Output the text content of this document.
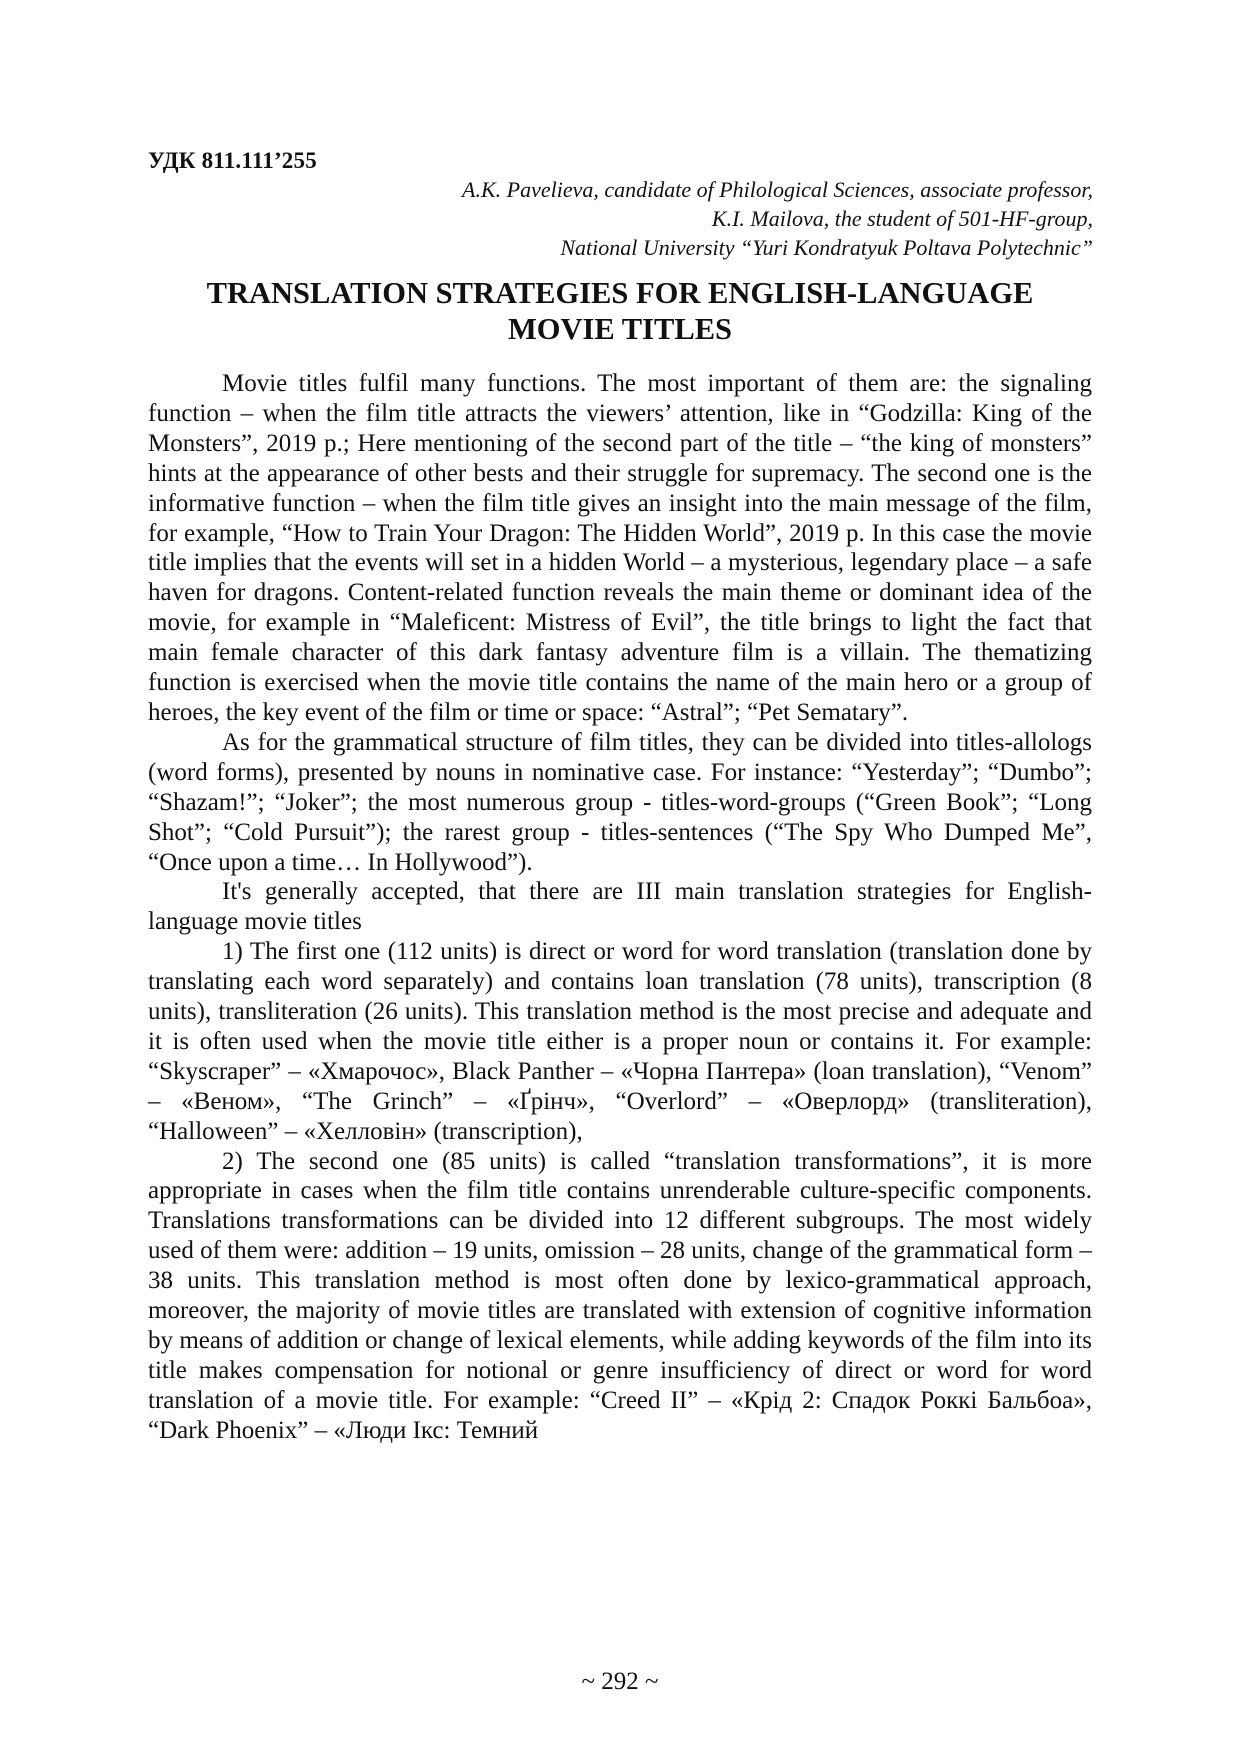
УДК 811.111’255
A.K. Pavelieva, candidate of Philological Sciences, associate professor,
K.I. Mailova, the student of 501-HF-group,
National University “Yuri Kondratyuk Poltava Polytechnic”
TRANSLATION STRATEGIES FOR ENGLISH-LANGUAGE
MOVIE TITLES

Movie titles fulfil many functions. The most important of them are: the signaling function – when the film title attracts the viewers’ attention, like in “Godzilla: King of the Monsters”, 2019 р.; Here mentioning of the second part of the title – “the king of monsters” hints at the appearance of other bests and their struggle for supremacy. The second one is the informative function – when the film title gives an insight into the main message of the film, for example, “How to Train Your Dragon: The Hidden World”, 2019 р. In this case the movie title implies that the events will set in a hidden World – a mysterious, legendary place – a safe haven for dragons. Content-related function reveals the main theme or dominant idea of the movie, for example in “Maleficent: Mistress of Evil”, the title brings to light the fact that main female character of this dark fantasy adventure film is a villain. The thematizing function is exercised when the movie title contains the name of the main hero or a group of heroes, the key event of the film or time or space: “Astral”; “Pet Sematary”.

As for the grammatical structure of film titles, they can be divided into titles-allologs (word forms), presented by nouns in nominative case. For instance: “Yesterday”; “Dumbo”; “Shazam!”; “Joker”; the most numerous group - titles-word-groups (“Green Book”; “Long Shot”; “Cold Pursuit”); the rarest group - titles-sentences (“The Spy Who Dumped Me”, “Once upon a time… In Hollywood”).

It's generally accepted, that there are III main translation strategies for English-language movie titles

1) The first one (112 units) is direct or word for word translation (translation done by translating each word separately) and contains loan translation (78 units), transcription (8 units), transliteration (26 units). This translation method is the most precise and adequate and it is often used when the movie title either is a proper noun or contains it. For example: “Skyscraper” – «Хмарочос», Black Panther – «Чорна Пантера» (loan translation), “Venom” – «Веном», “The Grinch” – «Ґрінч», “Overlord” – «Оверлорд» (transliteration), “Halloween” – «Хелловін» (transcription),

2) The second one (85 units) is called “translation transformations”, it is more appropriate in cases when the film title contains unrenderable culture-specific components. Translations transformations can be divided into 12 different subgroups. The most widely used of them were: addition – 19 units, omission – 28 units, change of the grammatical form – 38 units. This translation method is most often done by lexico-grammatical approach, moreover, the majority of movie titles are translated with extension of cognitive information by means of addition or change of lexical elements, while adding keywords of the film into its title makes compensation for notional or genre insufficiency of direct or word for word translation of a movie title. For example: “Creed II” – «Крід 2: Спадок Роккі Бальбоа», “Dark Phoenix” – «Люди Ікс: Темний

~ 292 ~
